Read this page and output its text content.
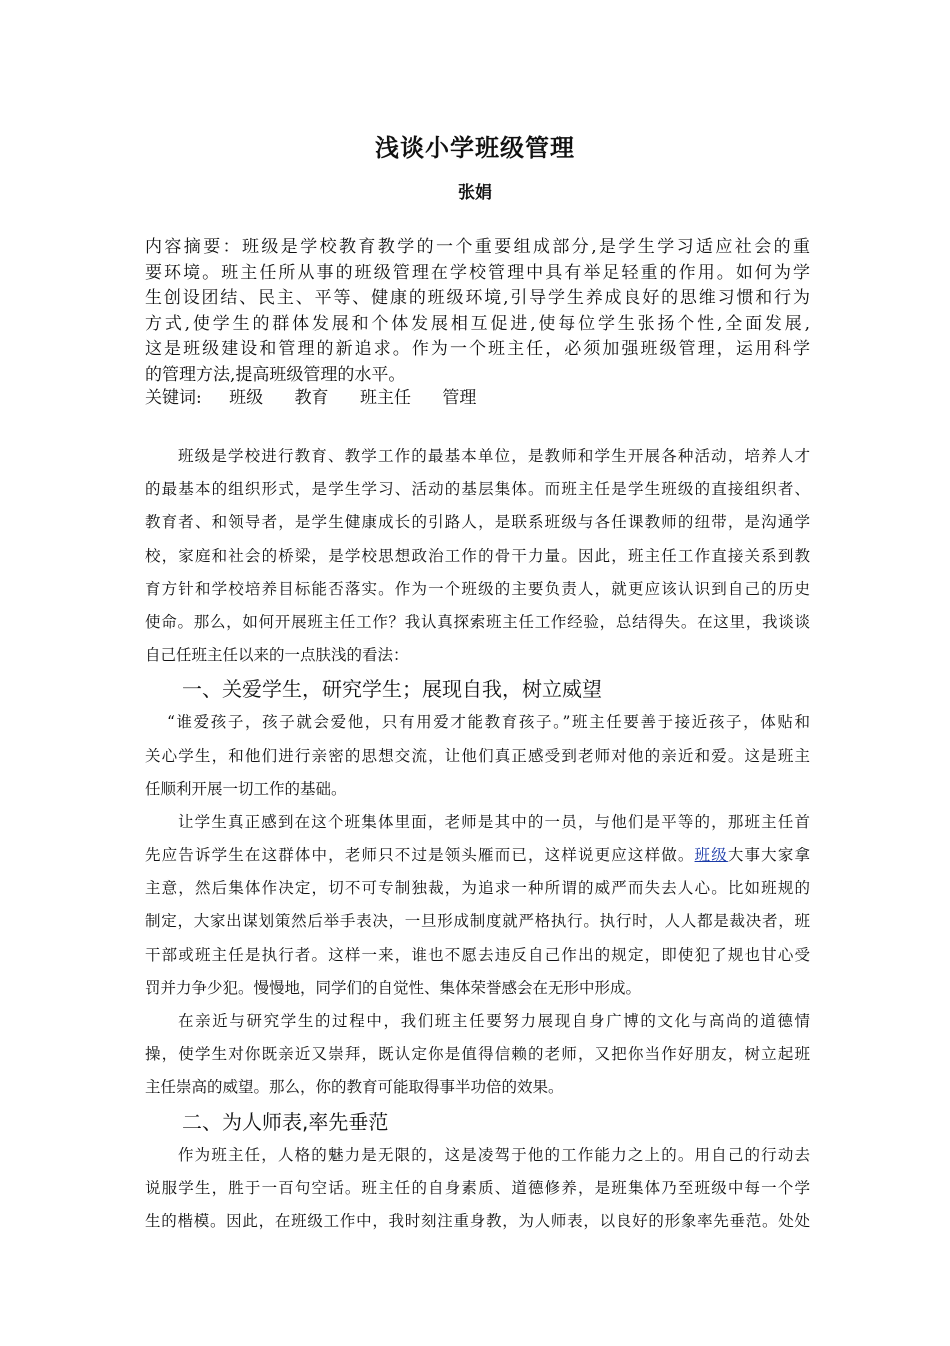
浅谈小学班级管理
张娟
内容摘要：班级是学校教育教学的一个重要组成部分,是学生学习适应社会的重
要环境。班主任所从事的班级管理在学校管理中具有举足轻重的作用。如何为学
生创设团结、民主、平等、健康的班级环境,引导学生养成良好的思维习惯和行为
方式,使学生的群体发展和个体发展相互促进,使每位学生张扬个性,全面发展,
这是班级建设和管理的新追求。作为一个班主任，必须加强班级管理，运用科学
的管理方法,提高班级管理的水平。
关键词: 班级 教育 班主任 管理
班级是学校进行教育、教学工作的最基本单位，是教师和学生开展各种活动，培养人才
的最基本的组织形式，是学生学习、活动的基层集体。而班主任是学生班级的直接组织者、
教育者、和领导者，是学生健康成长的引路人，是联系班级与各任课教师的纽带，是沟通学
校，家庭和社会的桥梁，是学校思想政治工作的骨干力量。因此，班主任工作直接关系到教
育方针和学校培养目标能否落实。作为一个班级的主要负责人，就更应该认识到自己的历史
使命。那么，如何开展班主任工作？我认真探索班主任工作经验，总结得失。在这里，我谈谈
自己任班主任以来的一点肤浅的看法：
一、关爱学生，研究学生；展现自我，树立威望
“谁爱孩子，孩子就会爱他，只有用爱才能教育孩子。”班主任要善于接近孩子，体贴和
关心学生，和他们进行亲密的思想交流，让他们真正感受到老师对他的亲近和爱。这是班主
任顺利开展一切工作的基础。
让学生真正感到在这个班集体里面，老师是其中的一员，与他们是平等的，那班主任首
先应告诉学生在这群体中，老师只不过是领头雁而已，这样说更应这样做。班级大事大家拿
主意，然后集体作决定，切不可专制独裁，为追求一种所谓的威严而失去人心。比如班规的
制定，大家出谋划策然后举手表决，一旦形成制度就严格执行。执行时，人人都是裁决者，班
干部或班主任是执行者。这样一来，谁也不愿去违反自己作出的规定，即使犯了规也甘心受
罚并力争少犯。慢慢地，同学们的自觉性、集体荣誉感会在无形中形成。
在亲近与研究学生的过程中，我们班主任要努力展现自身广博的文化与高尚的道德情
操，使学生对你既亲近又崇拜，既认定你是值得信赖的老师，又把你当作好朋友，树立起班
主任崇高的威望。那么，你的教育可能取得事半功倍的效果。
二、为人师表,率先垂范
作为班主任，人格的魅力是无限的，这是凌驾于他的工作能力之上的。用自己的行动去
说服学生，胜于一百句空话。班主任的自身素质、道德修养，是班集体乃至班级中每一个学
生的楷模。因此，在班级工作中，我时刻注重身教，为人师表，以良好的形象率先垂范。处处
